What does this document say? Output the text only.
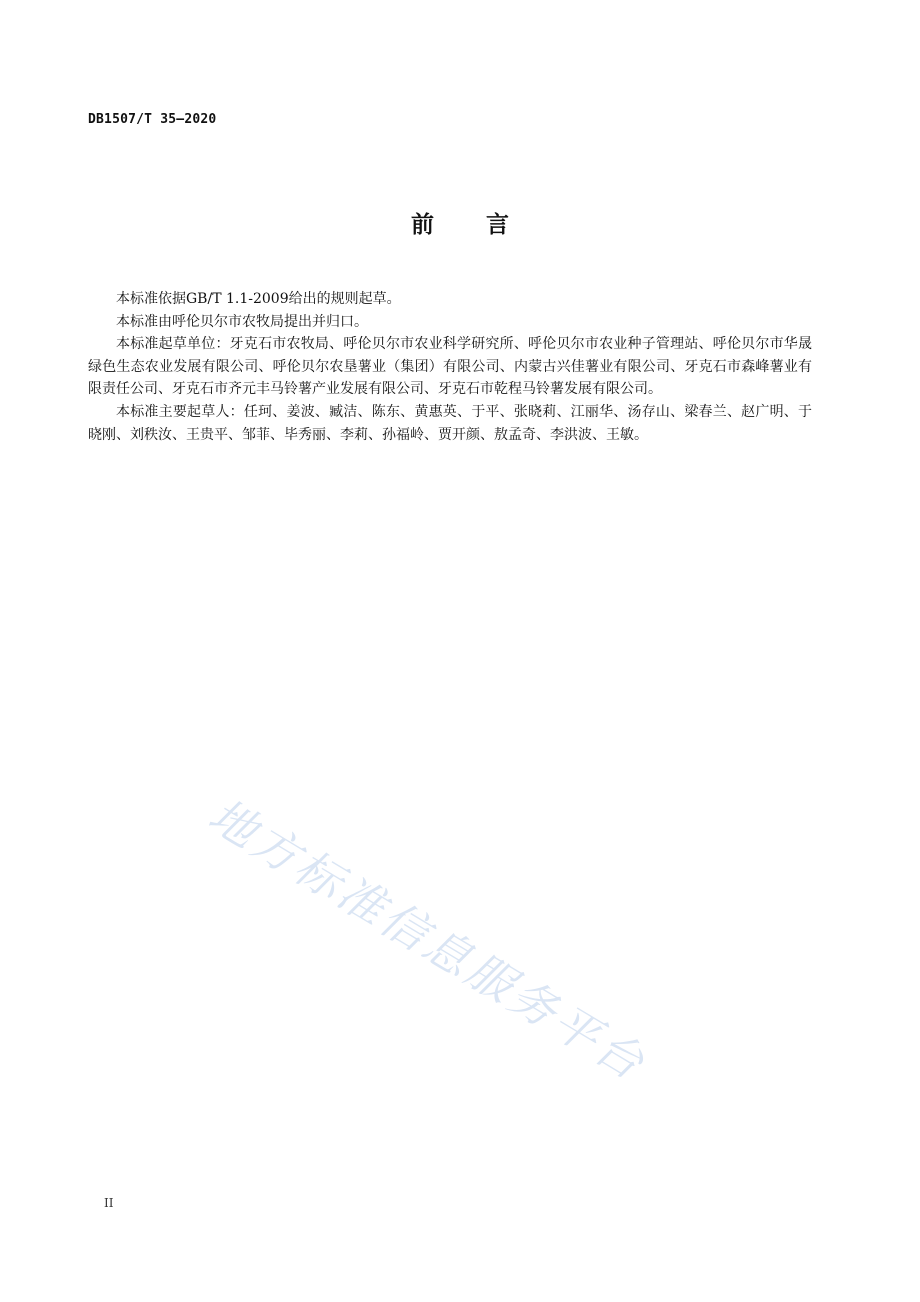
DB1507/T 35—2020
前言

本标准依据GB/T 1.1-2009给出的规则起草。

本标准由呼伦贝尔市农牧局提出并归口。

本标准起草单位：牙克石市农牧局、呼伦贝尔市农业科学研究所、呼伦贝尔市农业种子管理站、呼伦贝尔市华晟绿色生态农业发展有限公司、呼伦贝尔农垦薯业（集团）有限公司、内蒙古兴佳薯业有限公司、牙克石市森峰薯业有限责任公司、牙克石市齐元丰马铃薯产业发展有限公司、牙克石市乾程马铃薯发展有限公司。

本标准主要起草人：任珂、姜波、臧洁、陈东、黄惠英、于平、张晓莉、江丽华、汤存山、梁春兰、赵广明、于晓刚、刘秩汝、王贵平、邹菲、毕秀丽、李莉、孙福岭、贾开颜、敖孟奇、李洪波、王敏。

地方标准信息服务平台
II
